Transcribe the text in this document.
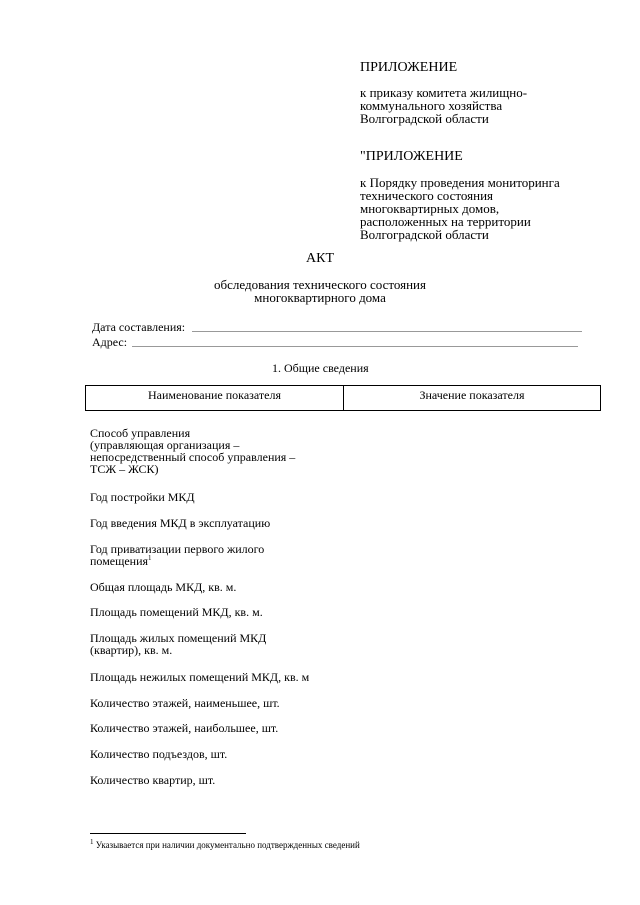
ПРИЛОЖЕНИЕ
к приказу комитета жилищно-
коммунального хозяйства
Волгоградской области
"ПРИЛОЖЕНИЕ
к Порядку проведения мониторинга
технического состояния
многоквартирных домов,
расположенных на территории
Волгоградской области
АКТ
обследования технического состояния
многоквартирного дома
Дата составления:
Адрес:
1. Общие сведения
Наименование показателя	Значение показателя
Способ управления
(управляющая организация –
непосредственный способ управления –
ТСЖ – ЖСК)
Год постройки МКД
Год введения МКД в эксплуатацию
Год приватизации первого жилого
помещения$^1$
Общая площадь МКД, кв. м.
Площадь помещений МКД, кв. м.
Площадь жилых помещений МКД
(квартир), кв. м.
Площадь нежилых помещений МКД, кв. м
Количество этажей, наименьшее, шт.
Количество этажей, наибольшее, шт.
Количество подъездов, шт.
Количество квартир, шт.
$^1$ Указывается при наличии документально подтвержденных сведений
